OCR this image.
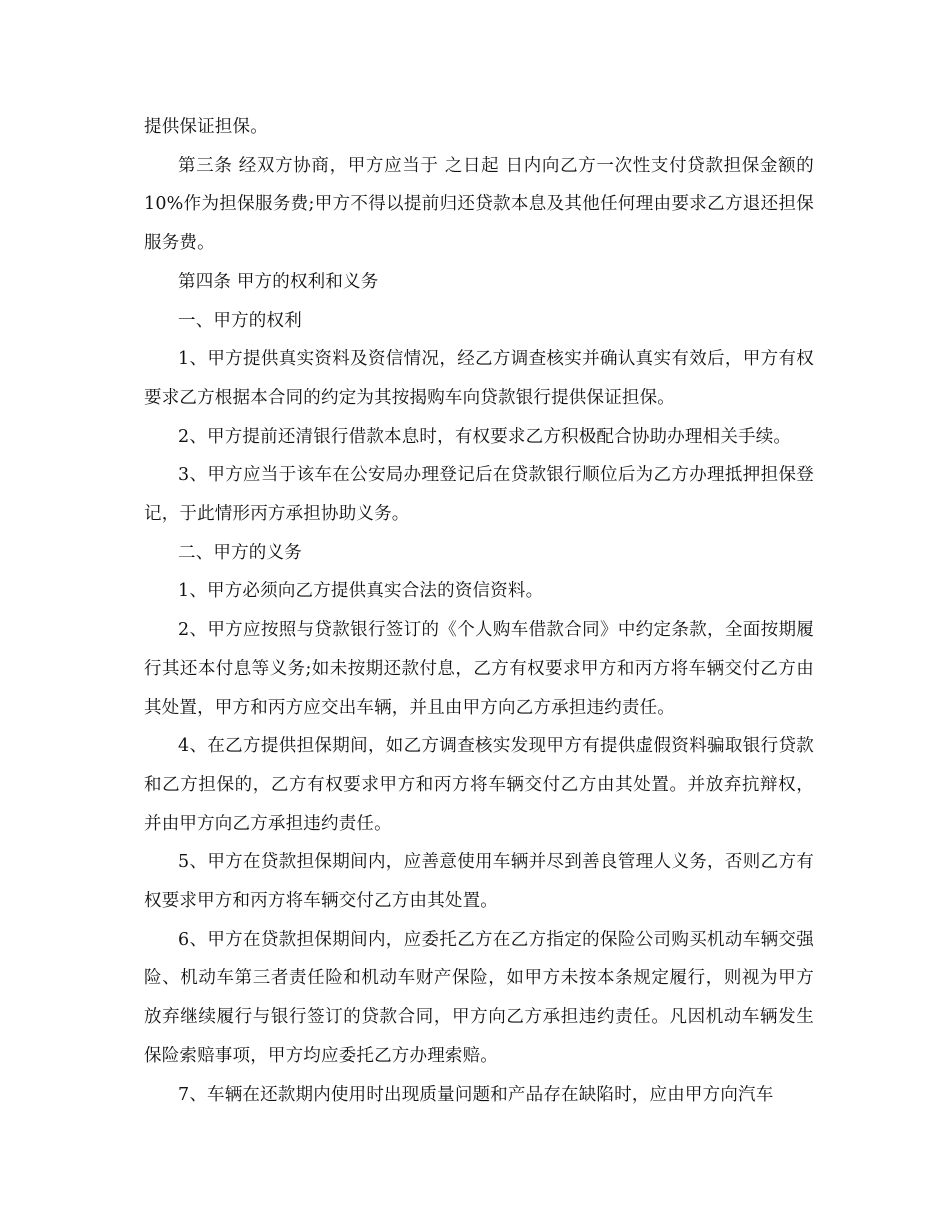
提供保证担保。

第三条 经双方协商，甲方应当于 之日起 日内向乙方一次性支付贷款担保金额的 10%作为担保服务费;甲方不得以提前归还贷款本息及其他任何理由要求乙方退还担保服务费。

第四条 甲方的权利和义务

一、甲方的权利

1、甲方提供真实资料及资信情况，经乙方调查核实并确认真实有效后，甲方有权要求乙方根据本合同的约定为其按揭购车向贷款银行提供保证担保。

2、甲方提前还清银行借款本息时，有权要求乙方积极配合协助办理相关手续。

3、甲方应当于该车在公安局办理登记后在贷款银行顺位后为乙方办理抵押担保登记，于此情形丙方承担协助义务。

二、甲方的义务

1、甲方必须向乙方提供真实合法的资信资料。

2、甲方应按照与贷款银行签订的《个人购车借款合同》中约定条款，全面按期履行其还本付息等义务;如未按期还款付息，乙方有权要求甲方和丙方将车辆交付乙方由其处置，甲方和丙方应交出车辆，并且由甲方向乙方承担违约责任。

4、在乙方提供担保期间，如乙方调查核实发现甲方有提供虚假资料骗取银行贷款和乙方担保的，乙方有权要求甲方和丙方将车辆交付乙方由其处置。并放弃抗辩权，并由甲方向乙方承担违约责任。

5、甲方在贷款担保期间内，应善意使用车辆并尽到善良管理人义务，否则乙方有权要求甲方和丙方将车辆交付乙方由其处置。

6、甲方在贷款担保期间内，应委托乙方在乙方指定的保险公司购买机动车辆交强险、机动车第三者责任险和机动车财产保险，如甲方未按本条规定履行，则视为甲方放弃继续履行与银行签订的贷款合同，甲方向乙方承担违约责任。凡因机动车辆发生保险索赔事项，甲方均应委托乙方办理索赔。

7、车辆在还款期内使用时出现质量问题和产品存在缺陷时，应由甲方向汽车
